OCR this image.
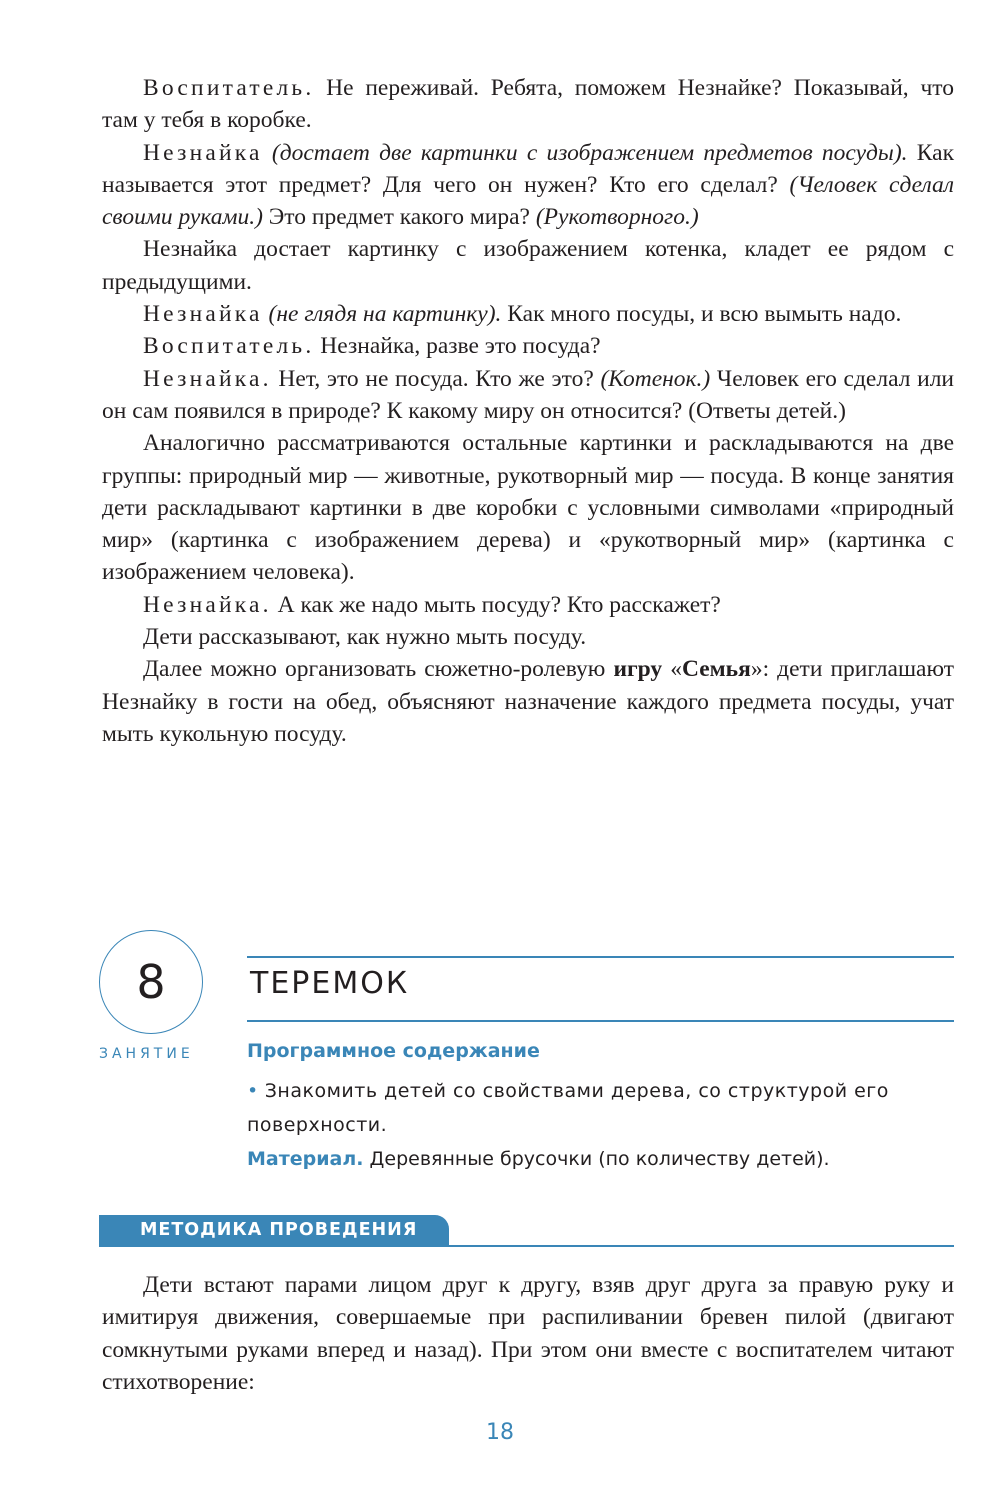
Воспитатель. Не переживай. Ребята, поможем Незнайке? Показывай, что там у тебя в коробке.

Незнайка (достает две картинки с изображением предметов посуды). Как называется этот предмет? Для чего он нужен? Кто его сделал? (Человек сделал своими руками.) Это предмет какого мира? (Рукотворного.)

Незнайка достает картинку с изображением котенка, кладет ее рядом с предыдущими.

Незнайка (не глядя на картинку). Как много посуды, и всю вымыть надо.

Воспитатель. Незнайка, разве это посуда?

Незнайка. Нет, это не посуда. Кто же это? (Котенок.) Человек его сделал или он сам появился в природе? К какому миру он относится? (Ответы детей.)

Аналогично рассматриваются остальные картинки и раскладываются на две группы: природный мир — животные, рукотворный мир — посуда. В конце занятия дети раскладывают картинки в две коробки с условными символами «природный мир» (картинка с изображением дерева) и «рукотворный мир» (картинка с изображением человека).

Незнайка. А как же надо мыть посуду? Кто расскажет?

Дети рассказывают, как нужно мыть посуду.

Далее можно организовать сюжетно-ролевую игру «Семья»: дети приглашают Незнайку в гости на обед, объясняют назначение каждого предмета посуды, учат мыть кукольную посуду.

8
ЗАНЯТИЕ
ТЕРЕМОК
Программное содержание
• Знакомить детей со свойствами дерева, со структурой его поверхности.
Материал. Деревянные брусочки (по количеству детей).
МЕТОДИКА ПРОВЕДЕНИЯ

Дети встают парами лицом друг к другу, взяв друг друга за правую руку и имитируя движения, совершаемые при распиливании бревен пилой (двигают сомкнутыми руками вперед и назад). При этом они вместе с воспитателем читают стихотворение:

18
